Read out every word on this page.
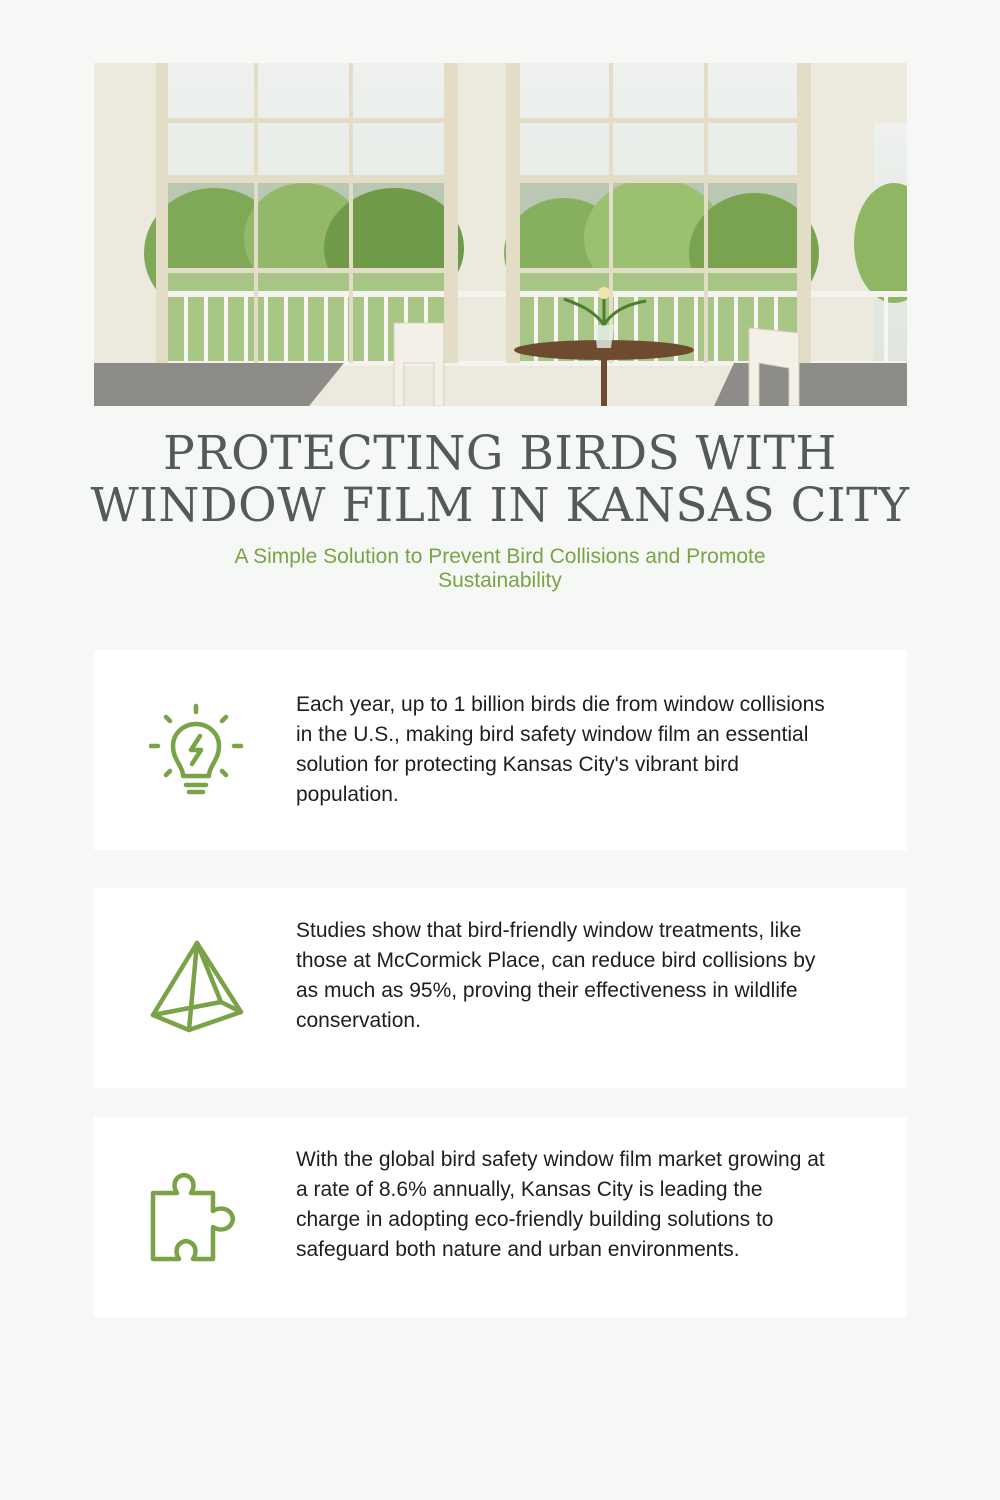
PROTECTING BIRDS WITH
WINDOW FILM IN KANSAS CITY

A Simple Solution to Prevent Bird Collisions and Promote Sustainability

Each year, up to 1 billion birds die from window collisions in the U.S., making bird safety window film an essential solution for protecting Kansas City's vibrant bird population.

Studies show that bird-friendly window treatments, like those at McCormick Place, can reduce bird collisions by as much as 95%, proving their effectiveness in wildlife conservation.

With the global bird safety window film market growing at a rate of 8.6% annually, Kansas City is leading the charge in adopting eco-friendly building solutions to safeguard both nature and urban environments.
